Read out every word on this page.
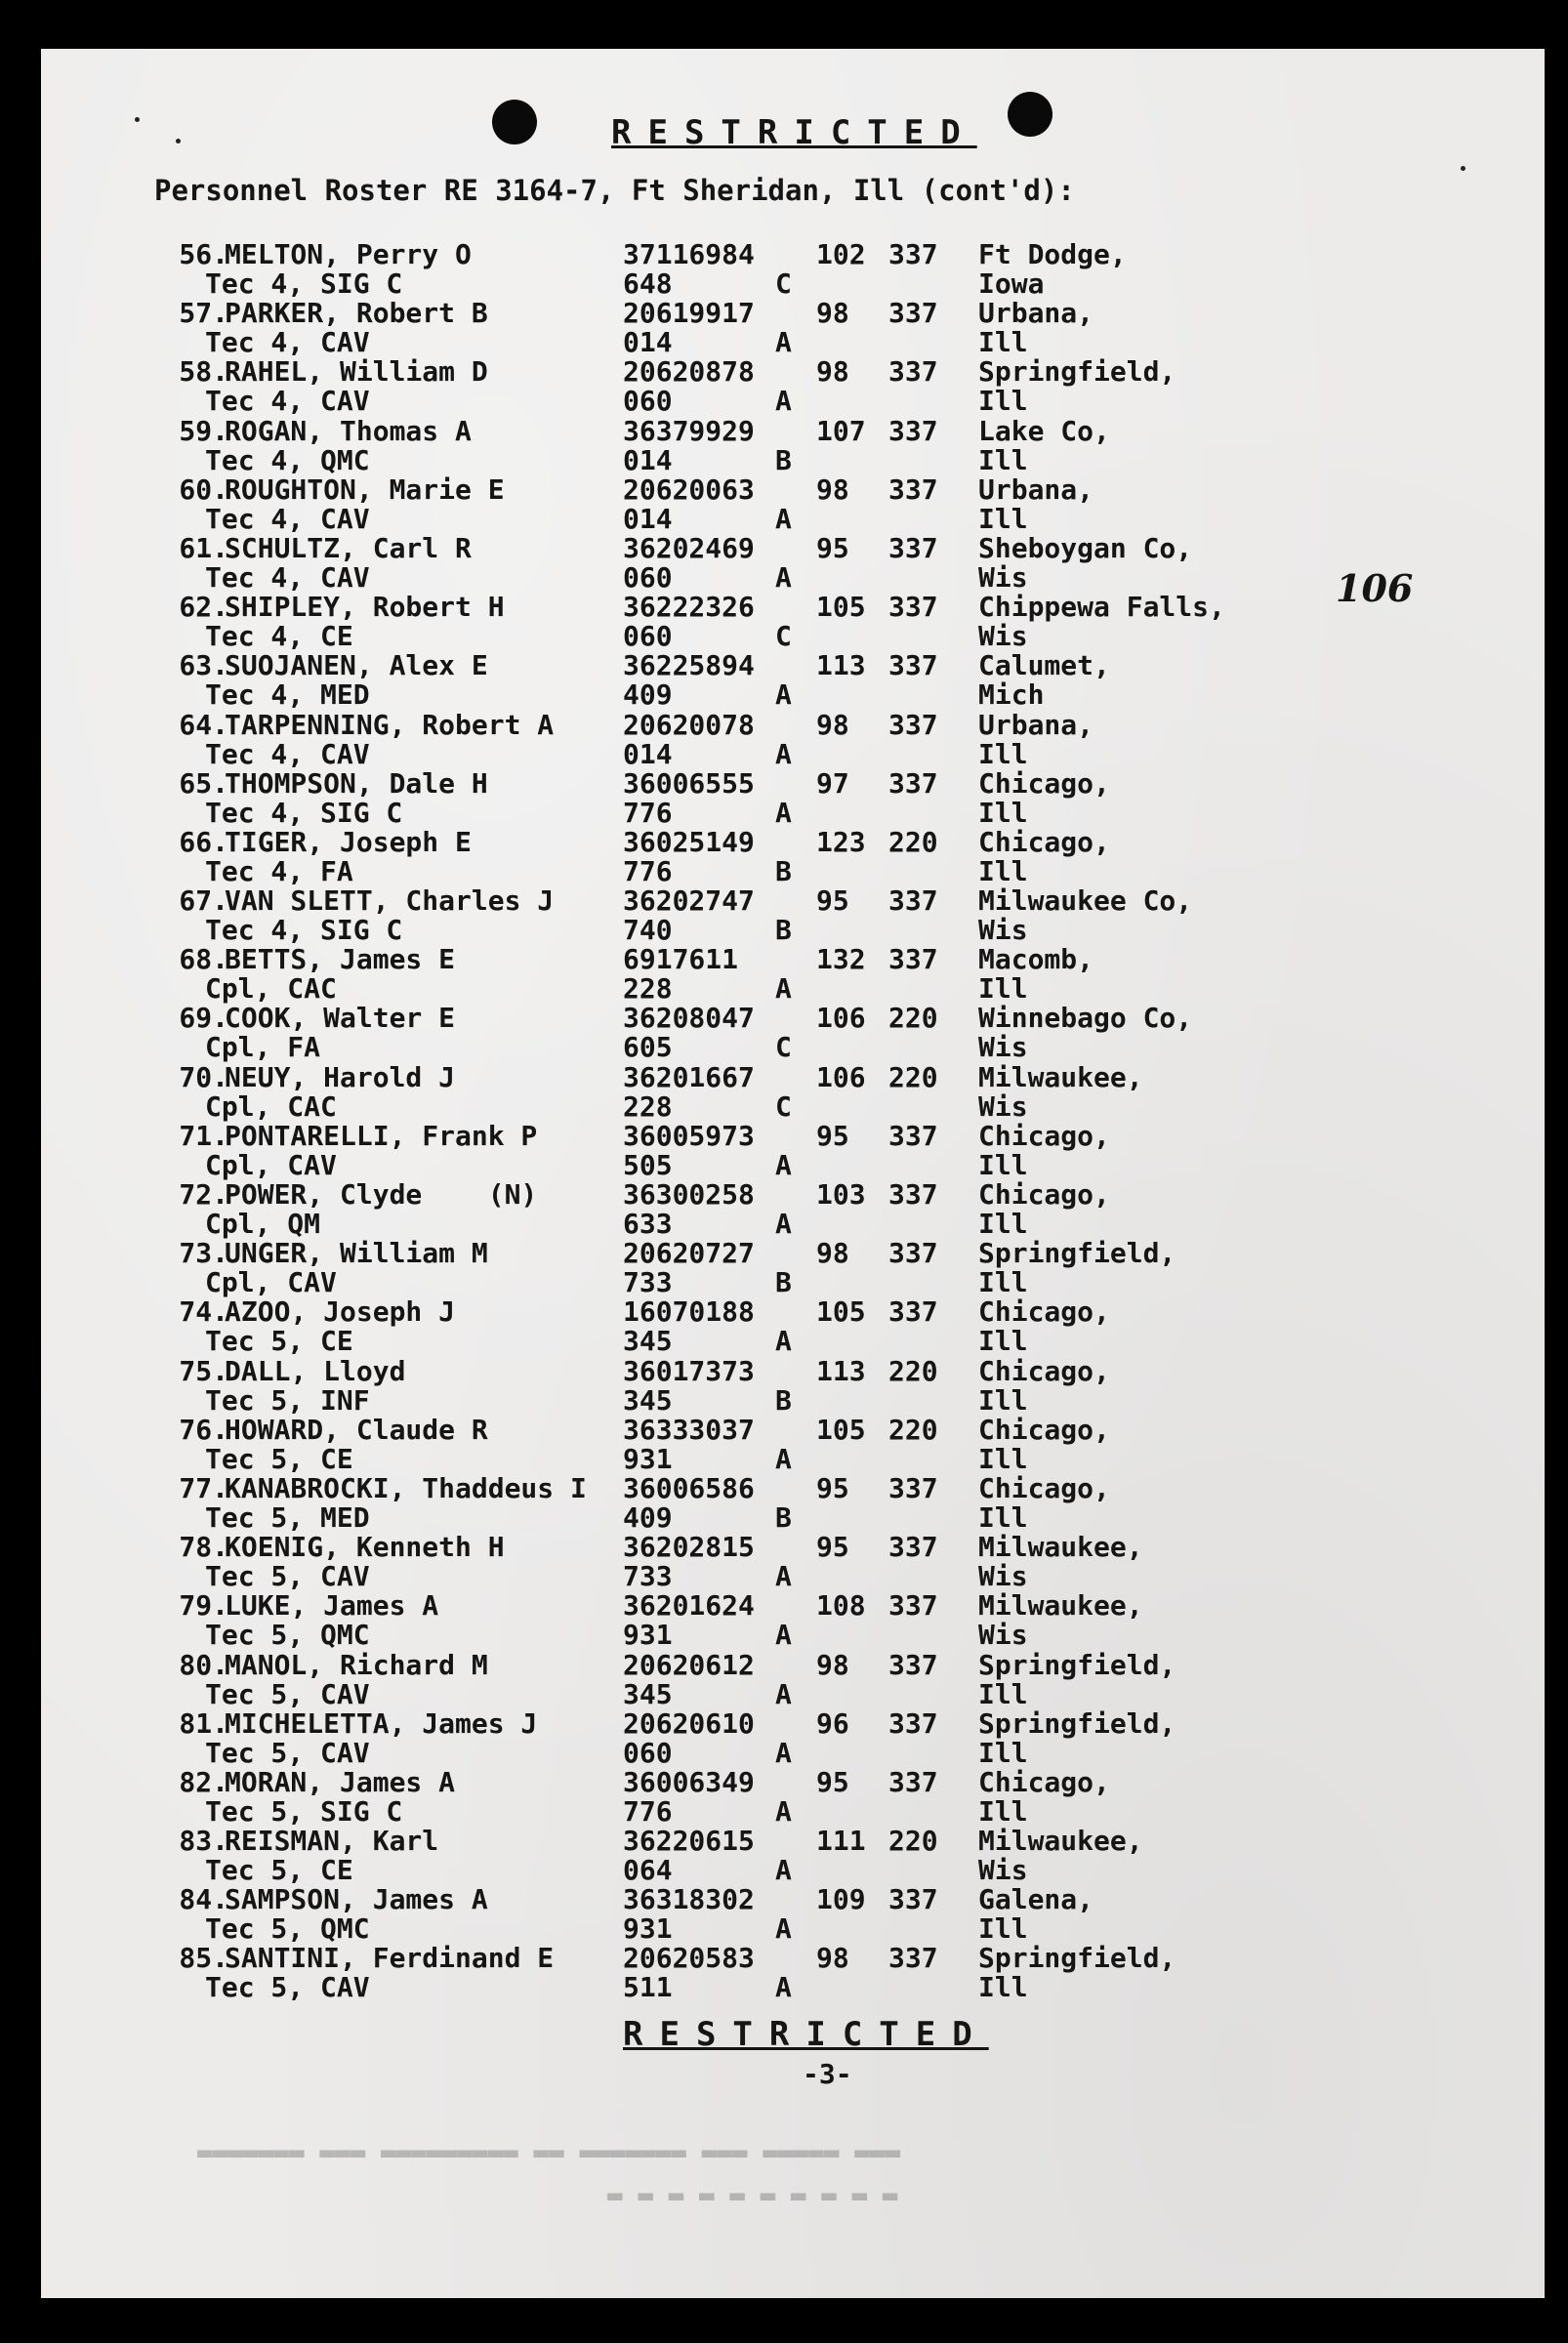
▬▬▬ ▬▬▬▬▬ ▬▬▬ ▬▬▬▬▬▬▬ ▬▬ ▬▬▬▬▬▬▬▬▬ ▬▬▬ ▬▬▬▬▬▬▬
▬ ▬ ▬ ▬ ▬ ▬ ▬ ▬ ▬ ▬
RESTRICTED
Personnel Roster RE 3164-7, Ft Sheridan, Ill (cont'd):
106
56.
MELTON, Perry O	37116984 102 337 Ft Dodge,
Tec 4, SIG C	648	C	Iowa
57.
PARKER, Robert B	20619917 98 337 Urbana,
Tec 4, CAV	014	A	Ill
58.
RAHEL, William D	20620878 98 337 Springfield,
Tec 4, CAV	060	A	Ill
59.
ROGAN, Thomas A	36379929 107 337 Lake Co,
Tec 4, QMC	014	B	Ill
60.
ROUGHTON, Marie E	20620063 98 337 Urbana,
Tec 4, CAV	014	A	Ill
61.
SCHULTZ, Carl R	36202469 95 337 Sheboygan Co,
Tec 4, CAV	060	A	Wis
62.
SHIPLEY, Robert H	36222326 105 337 Chippewa Falls,
Tec 4, CE	060	C	Wis
63.
SUOJANEN, Alex E	36225894 113 337 Calumet,
Tec 4, MED	409	A	Mich
64.
TARPENNING, Robert A	20620078 98 337 Urbana,
Tec 4, CAV	014	A	Ill
65.
THOMPSON, Dale H	36006555 97 337 Chicago,
Tec 4, SIG C	776	A	Ill
66.
TIGER, Joseph E	36025149 123 220 Chicago,
Tec 4, FA	776	B	Ill
67.
VAN SLETT, Charles J	36202747 95 337 Milwaukee Co,
Tec 4, SIG C	740	B	Wis
68.
BETTS, James E	6917611	132 337 Macomb,
Cpl, CAC	228	A	Ill
69.
COOK, Walter E	36208047 106 220 Winnebago Co,
Cpl, FA	605	C	Wis
70.
NEUY, Harold J	36201667 106 220 Milwaukee,
Cpl, CAC	228	C	Wis
71.
PONTARELLI, Frank P	36005973 95 337 Chicago,
Cpl, CAV	505	A	Ill
72.
POWER, Clyde    (N)	36300258 103 337 Chicago,
Cpl, QM	633	A	Ill
73.
UNGER, William M	20620727 98 337 Springfield,
Cpl, CAV	733	B	Ill
74.
AZOO, Joseph J	16070188 105 337 Chicago,
Tec 5, CE	345	A	Ill
75.
DALL, Lloyd	36017373 113 220 Chicago,
Tec 5, INF	345	B	Ill
76.
HOWARD, Claude R	36333037 105 220 Chicago,
Tec 5, CE	931	A	Ill
77.
KANABROCKI, Thaddeus I 36006586 95 337 Chicago,
Tec 5, MED	409	B	Ill
78.
KOENIG, Kenneth H	36202815 95 337 Milwaukee,
Tec 5, CAV	733	A	Wis
79.
LUKE, James A	36201624 108 337 Milwaukee,
Tec 5, QMC	931	A	Wis
80.
MANOL, Richard M	20620612 98 337 Springfield,
Tec 5, CAV	345	A	Ill
81.
MICHELETTA, James J	20620610 96 337 Springfield,
Tec 5, CAV	060	A	Ill
82.
MORAN, James A	36006349 95 337 Chicago,
Tec 5, SIG C	776	A	Ill
83.
REISMAN, Karl	36220615 111 220 Milwaukee,
Tec 5, CE	064	A	Wis
84.
SAMPSON, James A	36318302 109 337 Galena,
Tec 5, QMC	931	A	Ill
85.
SANTINI, Ferdinand E	20620583 98 337 Springfield,
Tec 5, CAV	511	A	Ill
RESTRICTED
-3-
